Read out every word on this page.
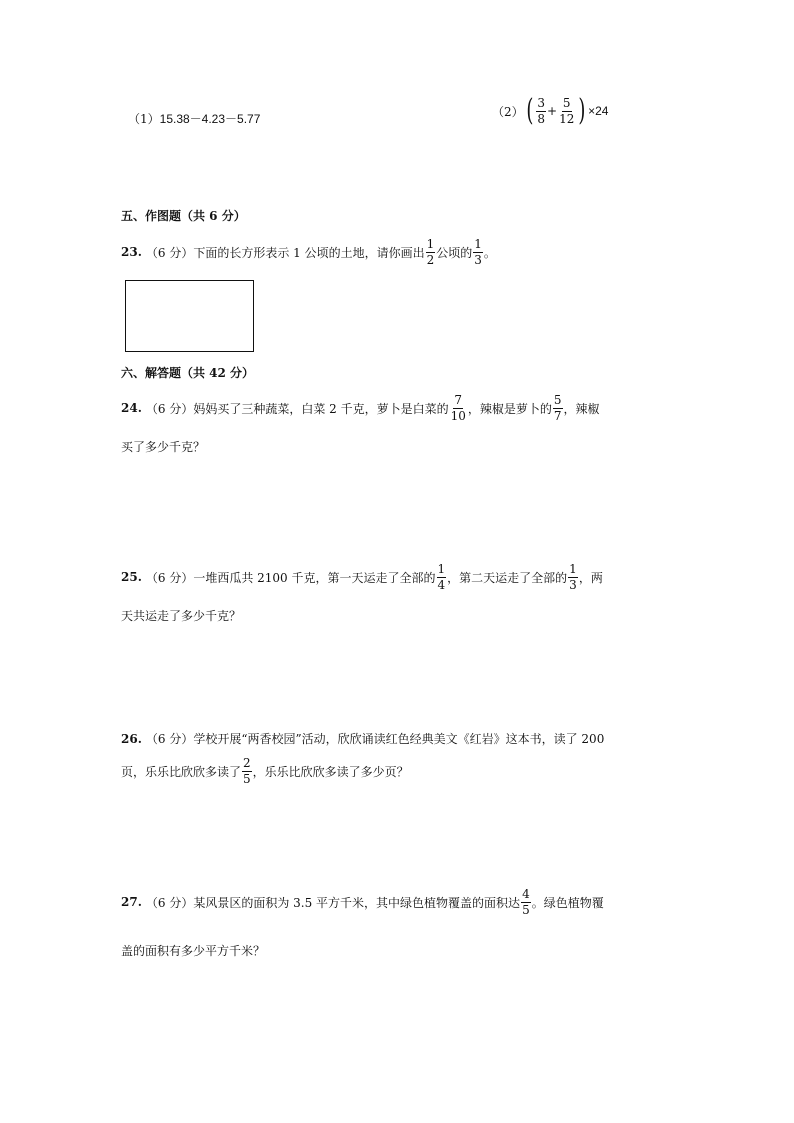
（1） 15.38－4.23－5.77
（2） ( $\frac{3}{8} + \frac{5}{12}$ ) ×24
五、作图题（共 6 分）
23. （6 分）下面的长方形表示 1 公顷的土地，请你画出 $\frac{1}{2}$ 公顷的 $\frac{1}{3}$ 。
六、解答题（共 42 分）
24. （6 分）妈妈买了三种蔬菜，白菜 2 千克，萝卜是白菜的 $\frac{7}{10}$ ，辣椒是萝卜的 $\frac{5}{7}$ ，辣椒
买了多少千克？
25. （6 分）一堆西瓜共 2100 千克，第一天运走了全部的 $\frac{1}{4}$ ，第二天运走了全部的 $\frac{1}{3}$ ，两
天共运走了多少千克？
26. （6 分）学校开展“两香校园”活动，欣欣诵读红色经典美文《红岩》这本书，读了 200
页，乐乐比欣欣多读了 $\frac{2}{5}$ ，乐乐比欣欣多读了多少页？
27. （6 分）某风景区的面积为 3.5 平方千米，其中绿色植物覆盖的面积达 $\frac{4}{5}$ 。绿色植物覆
盖的面积有多少平方千米？
